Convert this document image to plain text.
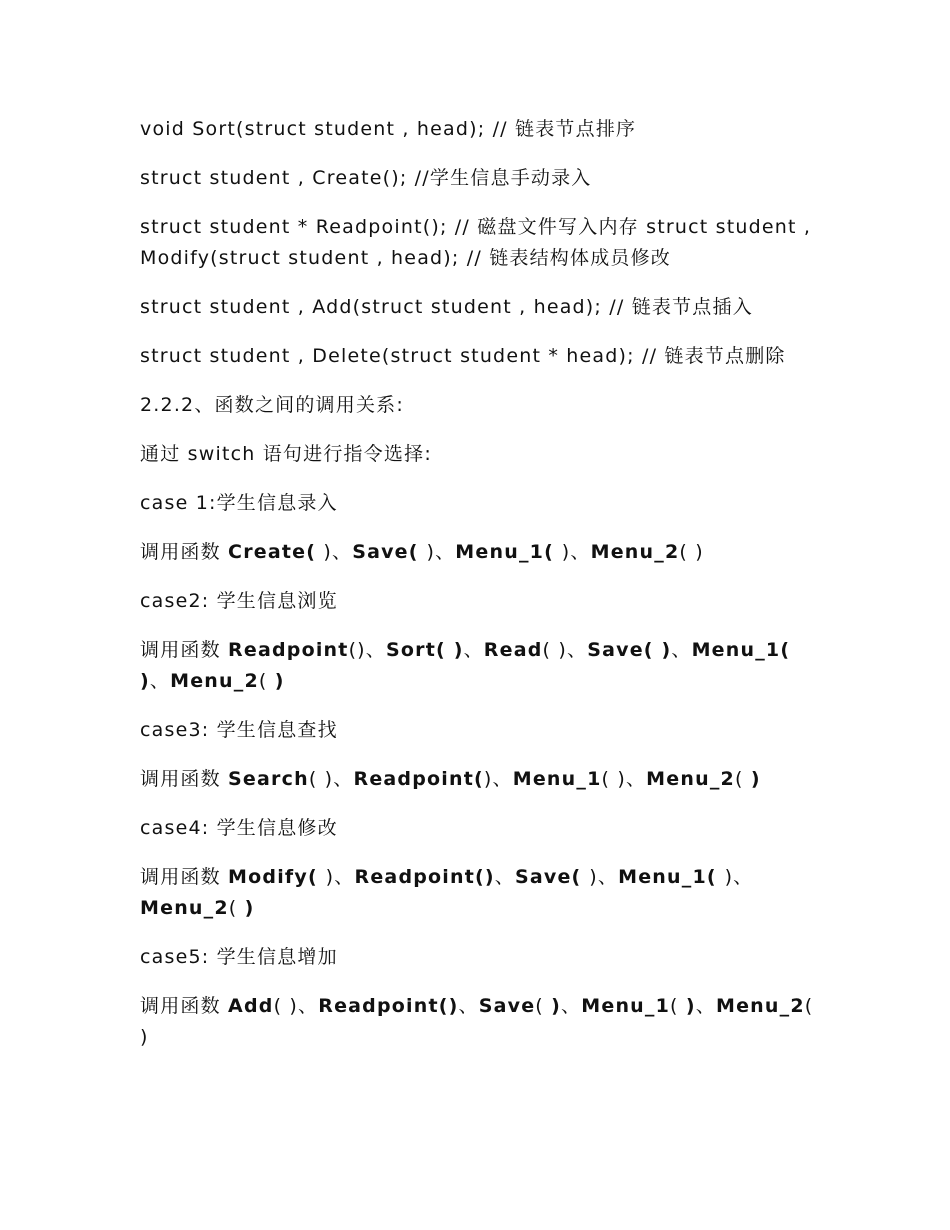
void Sort(struct student , head); // 链表节点排序

struct student , Create(); //学生信息手动录入

struct student * Readpoint(); // 磁盘文件写入内存 struct student , Modify(struct student , head); // 链表结构体成员修改

struct student , Add(struct student , head); // 链表节点插入

struct student , Delete(struct student * head); // 链表节点删除

2.2.2、函数之间的调用关系:

通过 switch 语句进行指令选择:

case 1:学生信息录入

调用函数 Create( )、Save( )、Menu_1( )、Menu_2( )

case2: 学生信息浏览

调用函数 Readpoint()、Sort( )、Read( )、Save( )、Menu_1( )、Menu_2( )

case3: 学生信息查找

调用函数 Search( )、Readpoint()、Menu_1( )、Menu_2( )

case4: 学生信息修改

调用函数 Modify( )、Readpoint()、Save( )、Menu_1( )、Menu_2( )

case5: 学生信息增加

调用函数 Add( )、Readpoint()、Save( )、Menu_1( )、Menu_2( )
